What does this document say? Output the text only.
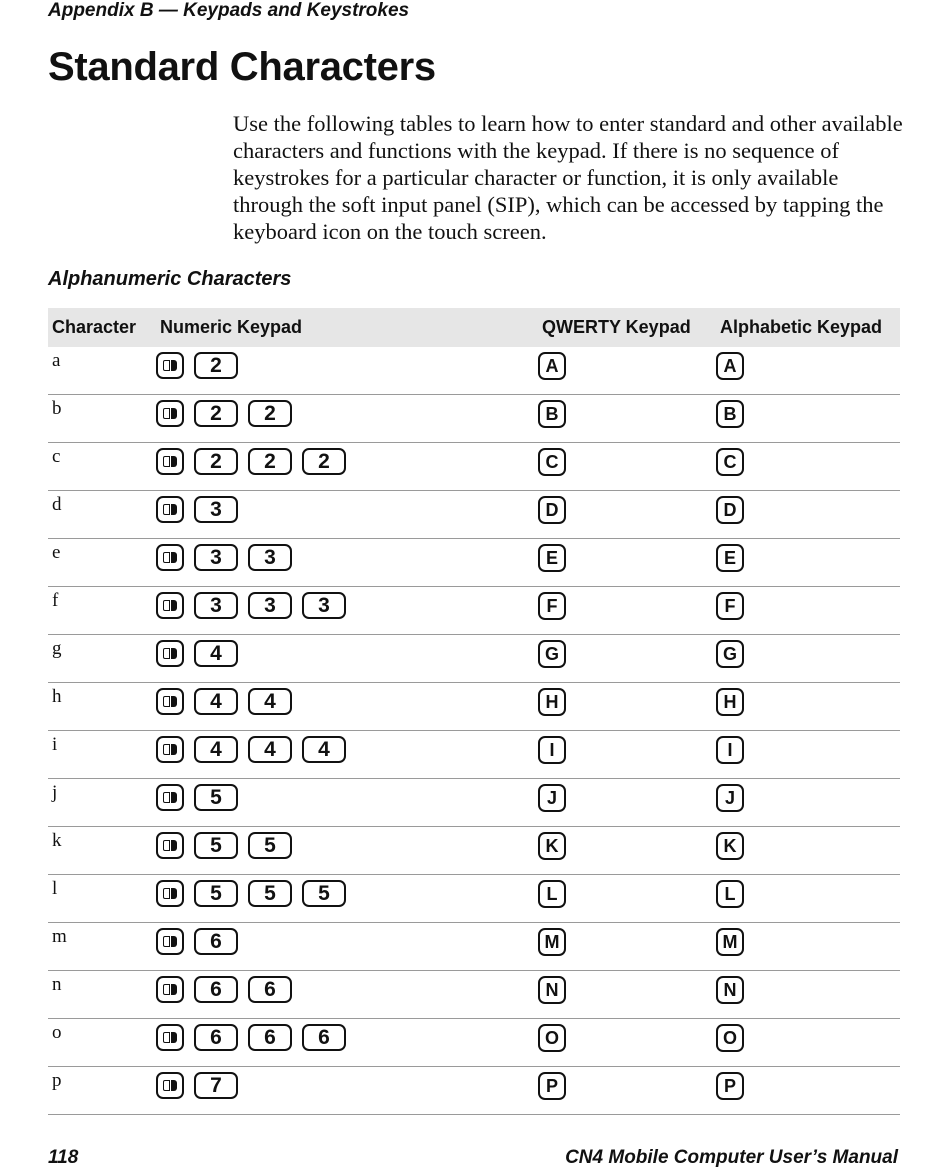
Appendix B — Keypads and Keystrokes
Standard Characters

Use the following tables to learn how to enter standard and other available characters and functions with the keypad. If there is no sequence of keystrokes for a particular character or function, it is only available through the soft input panel (SIP), which can be accessed by tapping the keyboard icon on the touch screen.

Alphanumeric Characters
Character	Numeric Keypad	QWERTY Keypad	Alphabetic Keypad
a	2	A	A

b	2 2	B	B

c	2 2 2	C	C

d	3	D	D

e	3 3	E	E

f	3 3 3	F	F

g	4	G	G

h	4 4	H	H

i	4 4 4	I	I

j	5	J	J

k	5 5	K	K

l	5 5 5	L	L

m	6	M	M

n	6 6	N	N

o	6 6 6	O	O

p	7	P	P
118	CN4 Mobile Computer User’s Manual
